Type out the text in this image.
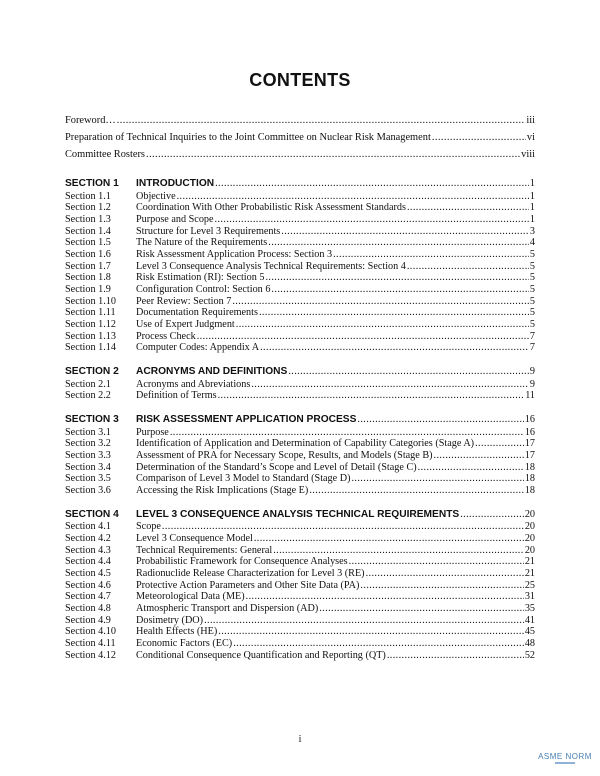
CONTENTS
Foreword… .....	iii
Preparation of Technical Inquiries to the Joint Committee on Nuclear Risk Management .....	vi
Committee Rosters .....	viii
SECTION 1	INTRODUCTION .....	1
Section 1.1	Objective .....	1
Section 1.2	Coordination With Other Probabilistic Risk Assessment Standards .....	1
Section 1.3	Purpose and Scope .....	1
Section 1.4	Structure for Level 3 Requirements .....	3
Section 1.5	The Nature of the Requirements .....	4
Section 1.6	Risk Assessment Application Process: Section 3 .....	5
Section 1.7	Level 3 Consequence Analysis Technical Requirements: Section 4 .....	5
Section 1.8	Risk Estimation (RI): Section 5 .....	5
Section 1.9	Configuration Control: Section 6 .....	5
Section 1.10	Peer Review: Section 7 .....	5
Section 1.11	Documentation Requirements .....	5
Section 1.12	Use of Expert Judgment .....	5
Section 1.13	Process Check .....	7
Section 1.14	Computer Codes: Appendix A .....	7
SECTION 2	ACRONYMS AND DEFINITIONS .....	9
Section 2.1	Acronyms and Abreviations .....	9
Section 2.2	Definition of Terms .....	11
SECTION 3	RISK ASSESSMENT APPLICATION PROCESS .....	16
Section 3.1	Purpose .....	16
Section 3.2	Identification of Application and Determination of Capability Categories (Stage A) .....	17
Section 3.3	Assessment of PRA for Necessary Scope, Results, and Models (Stage B) .....	17
Section 3.4	Determination of the Standard’s Scope and Level of Detail (Stage C) .....	18
Section 3.5	Comparison of Level 3 Model to Standard (Stage D) .....	18
Section 3.6	Accessing the Risk Implications (Stage E) .....	18
SECTION 4	LEVEL 3 CONSEQUENCE ANALYSIS TECHNICAL REQUIREMENTS .....	20
Section 4.1	Scope .....	20
Section 4.2	Level 3 Consequence Model .....	20
Section 4.3	Technical Requirements: General .....	20
Section 4.4	Probabilistic Framework for Consequence Analyses .....	21
Section 4.5	Radionuclide Release Characterization for Level 3 (RE) .....	21
Section 4.6	Protective Action Parameters and Other Site Data (PA) .....	25
Section 4.7	Meteorological Data (ME) .....	31
Section 4.8	Atmospheric Transport and Dispersion (AD) .....	35
Section 4.9	Dosimetry (DO) .....	41
Section 4.10	Health Effects (HE) .....	45
Section 4.11	Economic Factors (EC) .....	48
Section 4.12	Conditional Consequence Quantification and Reporting (QT) .....	52
i
ASME NORM
